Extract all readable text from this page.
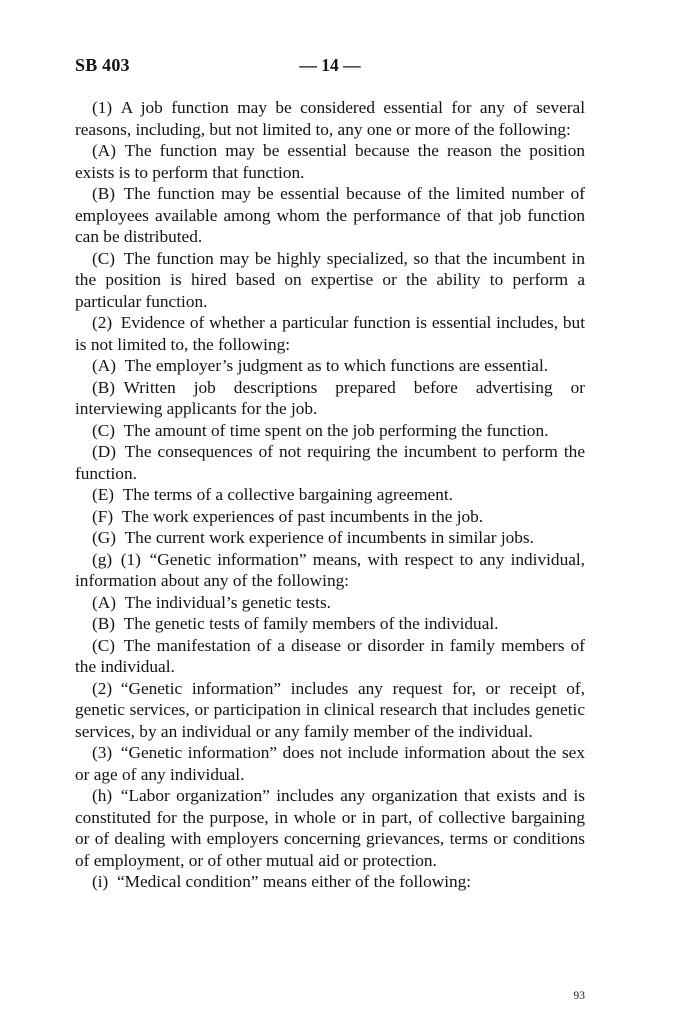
SB 403	— 14 —

(1) A job function may be considered essential for any of several reasons, including, but not limited to, any one or more of the following:

(A) The function may be essential because the reason the position exists is to perform that function.

(B) The function may be essential because of the limited number of employees available among whom the performance of that job function can be distributed.

(C) The function may be highly specialized, so that the incumbent in the position is hired based on expertise or the ability to perform a particular function.

(2) Evidence of whether a particular function is essential includes, but is not limited to, the following:

(A) The employer’s judgment as to which functions are essential.

(B) Written job descriptions prepared before advertising or interviewing applicants for the job.

(C) The amount of time spent on the job performing the function.

(D) The consequences of not requiring the incumbent to perform the function.

(E) The terms of a collective bargaining agreement.

(F) The work experiences of past incumbents in the job.

(G) The current work experience of incumbents in similar jobs.

(g) (1) “Genetic information” means, with respect to any individual, information about any of the following:

(A) The individual’s genetic tests.

(B) The genetic tests of family members of the individual.

(C) The manifestation of a disease or disorder in family members of the individual.

(2) “Genetic information” includes any request for, or receipt of, genetic services, or participation in clinical research that includes genetic services, by an individual or any family member of the individual.

(3) “Genetic information” does not include information about the sex or age of any individual.

(h) “Labor organization” includes any organization that exists and is constituted for the purpose, in whole or in part, of collective bargaining or of dealing with employers concerning grievances, terms or conditions of employment, or of other mutual aid or protection.

(i) “Medical condition” means either of the following:

93
